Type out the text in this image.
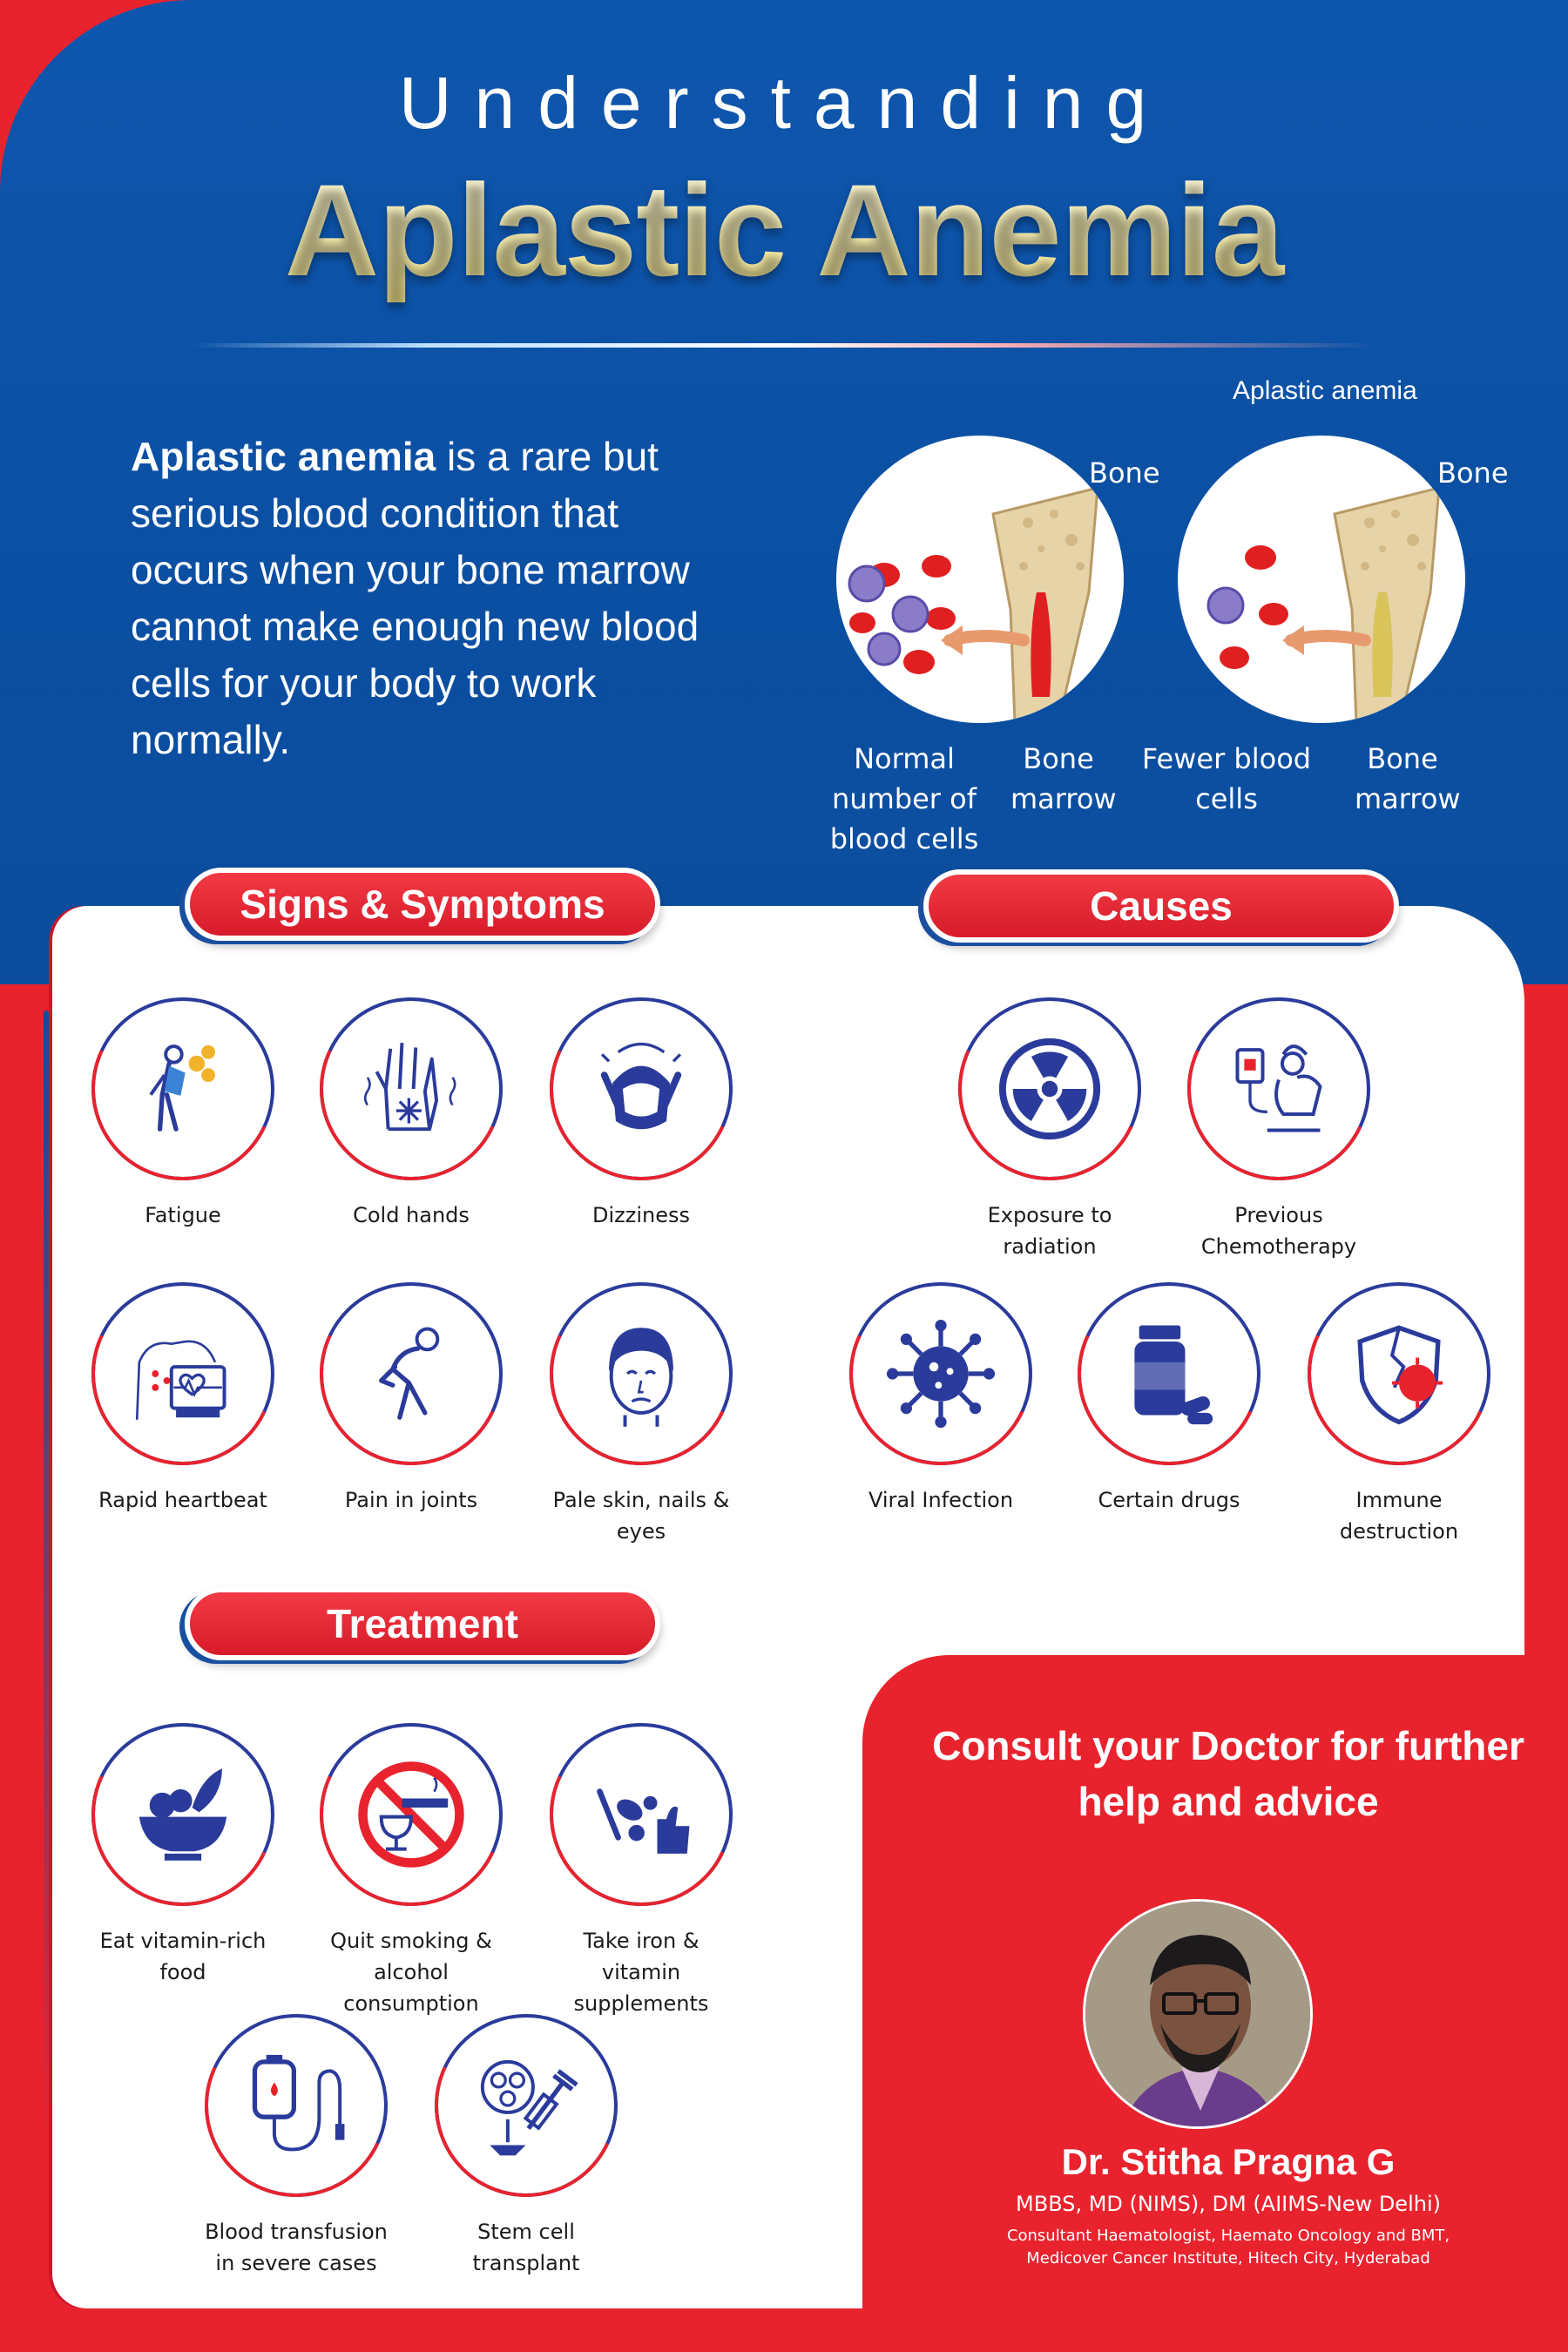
Understanding
Aplastic Anemia

Aplastic anemia is a rare but serious blood condition that occurs when your bone marrow cannot make enough new blood cells for your body to work normally.

Aplastic anemia
Bone	Bone
Normal number of blood cells
Bone marrow
Fewer blood cells
Bone marrow
Signs & Symptoms	Causes
Treatment
Fatigue	Cold hands	Dizziness
Rapid heartbeat	Pain in joints	Pale skin, nails & eyes
Exposure to radiation
Previous Chemotherapy
Viral Infection	Certain drugs	Immune destruction
Eat vitamin-rich food
Quit smoking & alcohol consumption
Take iron & vitamin supplements
Blood transfusion in severe cases
Stem cell transplant
Consult your Doctor for further help and advice
Dr. Stitha Pragna G
MBBS, MD (NIMS), DM (AIIMS-New Delhi)
Consultant Haematologist, Haemato Oncology and BMT,
Medicover Cancer Institute, Hitech City, Hyderabad
